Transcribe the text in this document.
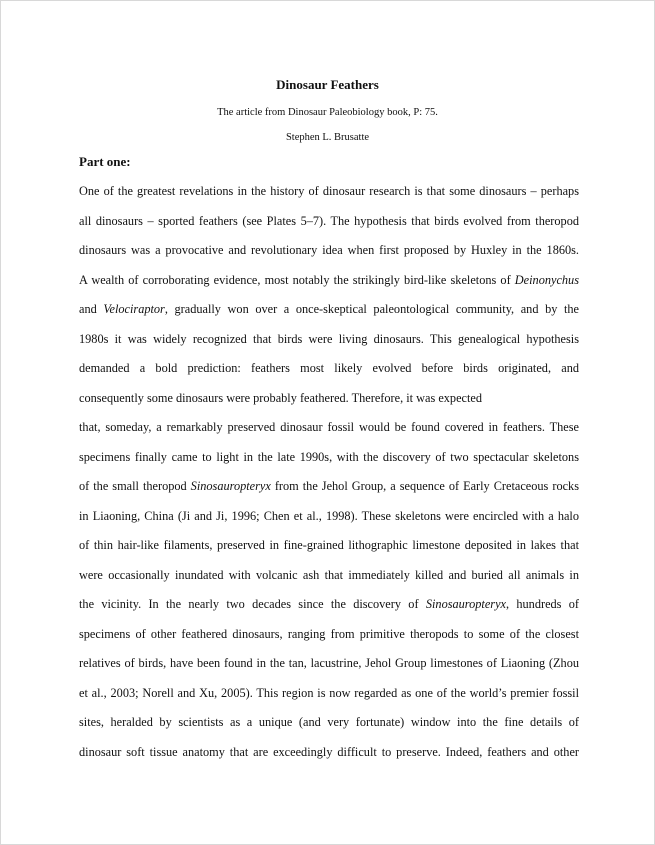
Dinosaur Feathers
The article from Dinosaur Paleobiology book, P: 75.
Stephen L. Brusatte
Part one:
One of the greatest revelations in the history of dinosaur research is that some dinosaurs – perhaps
all dinosaurs – sported feathers (see Plates 5–7). The hypothesis that birds evolved from theropod
dinosaurs was a provocative and revolutionary idea when first proposed by Huxley in the 1860s.
A wealth of corroborating evidence, most notably the strikingly bird-like skeletons of Deinonychus
and Velociraptor, gradually won over a once-skeptical paleontological community, and by the
1980s it was widely recognized that birds were living dinosaurs. This genealogical hypothesis
demanded a bold prediction: feathers most likely evolved before birds originated, and
consequently some dinosaurs were probably feathered. Therefore, it was expected
that, someday, a remarkably preserved dinosaur fossil would be found covered in feathers. These
specimens finally came to light in the late 1990s, with the discovery of two spectacular skeletons
of the small theropod Sinosauropteryx from the Jehol Group, a sequence of Early Cretaceous rocks
in Liaoning, China (Ji and Ji, 1996; Chen et al., 1998). These skeletons were encircled with a halo
of thin hair-like filaments, preserved in fine-grained lithographic limestone deposited in lakes that
were occasionally inundated with volcanic ash that immediately killed and buried all animals in
the vicinity. In the nearly two decades since the discovery of Sinosauropteryx, hundreds of
specimens of other feathered dinosaurs, ranging from primitive theropods to some of the closest
relatives of birds, have been found in the tan, lacustrine, Jehol Group limestones of Liaoning (Zhou
et al., 2003; Norell and Xu, 2005). This region is now regarded as one of the world’s premier fossil
sites, heralded by scientists as a unique (and very fortunate) window into the fine details of
dinosaur soft tissue anatomy that are exceedingly difficult to preserve. Indeed, feathers and other
